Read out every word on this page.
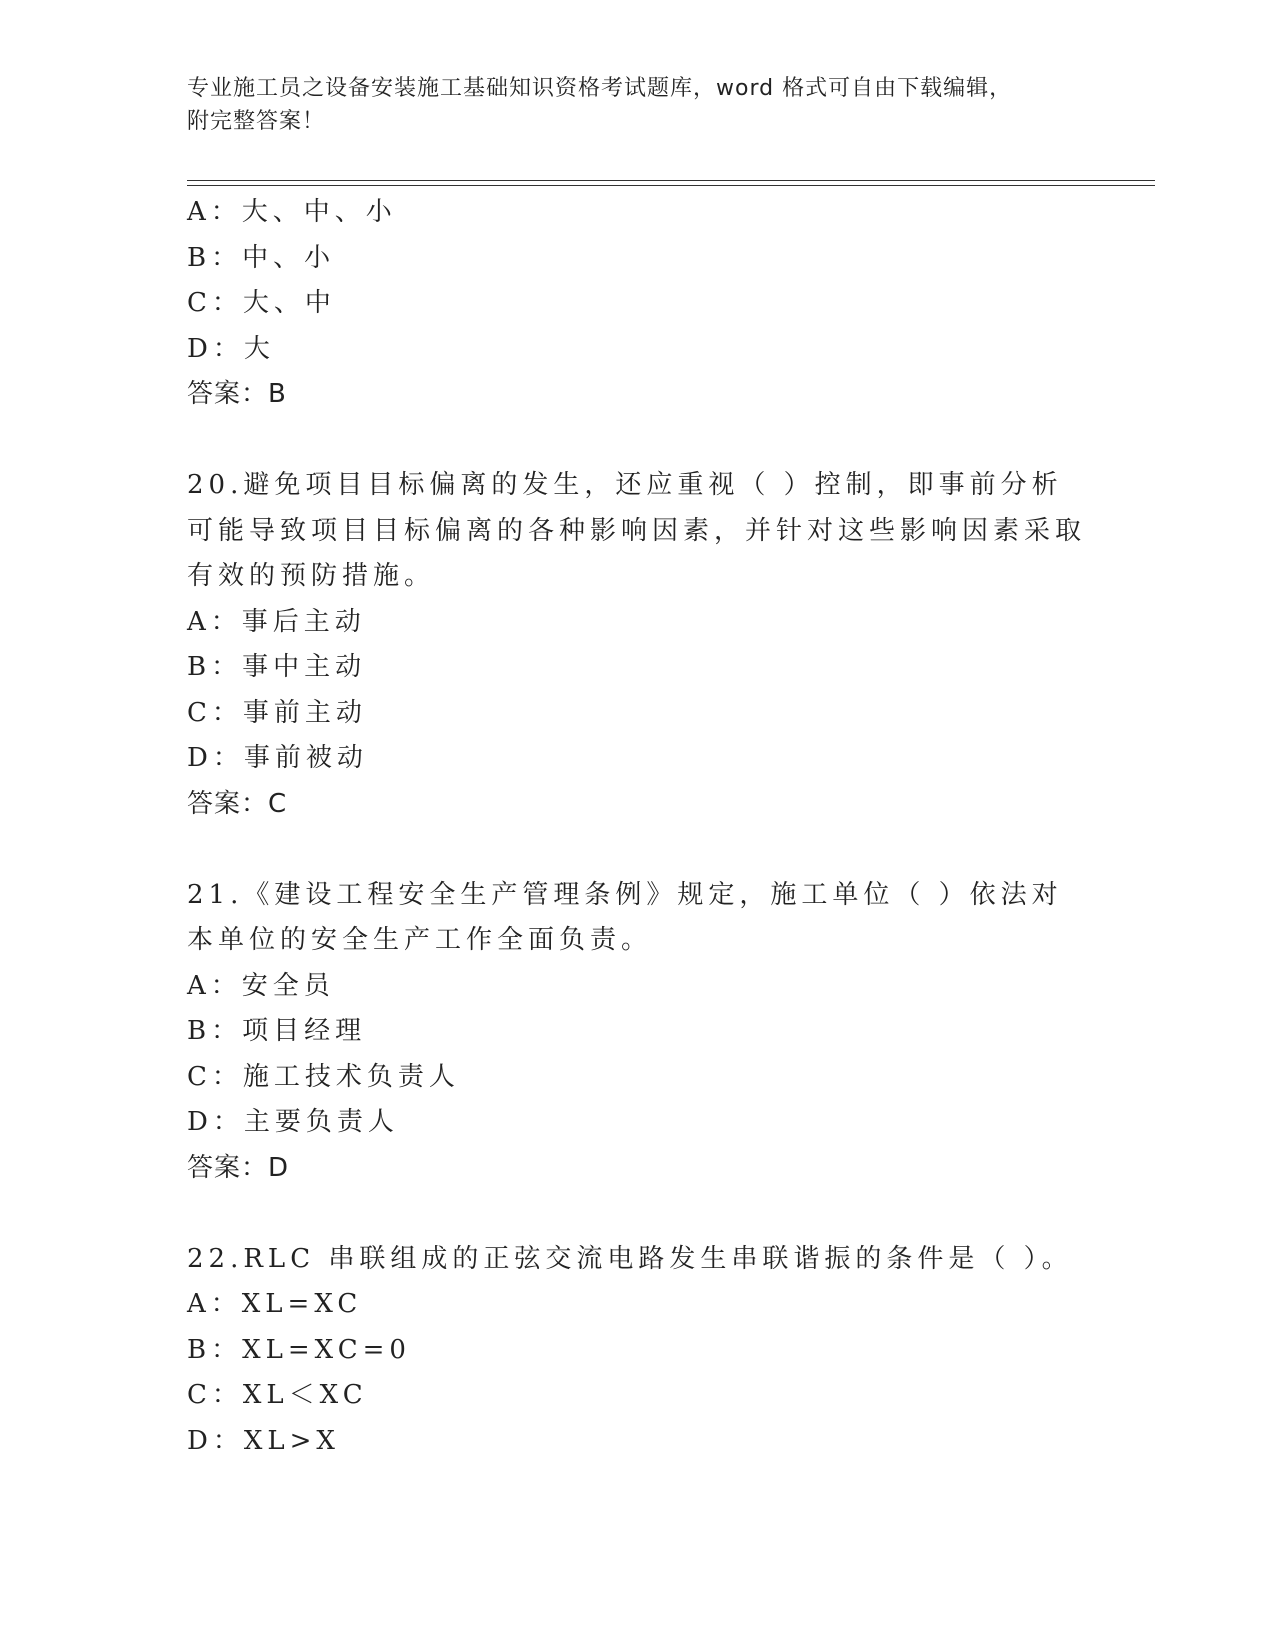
专业施工员之设备安装施工基础知识资格考试题库，word 格式可自由下载编辑，
附完整答案！
A：大、中、小
B：中、小
C：大、中
D：大
答案：B
20.避免项目目标偏离的发生，还应重视（ ）控制，即事前分析可能导致项目目标偏离的各种影响因素，并针对这些影响因素采取有效的预防措施。
A：事后主动
B：事中主动
C：事前主动
D：事前被动
答案：C
21.《建设工程安全生产管理条例》规定，施工单位（ ）依法对本单位的安全生产工作全面负责。
A：安全员
B：项目经理
C：施工技术负责人
D：主要负责人
答案：D
22.RLC 串联组成的正弦交流电路发生串联谐振的条件是（ ）。
A：XL=XC
B：XL=XC=0
C：XL＜XC
D：XL>X
